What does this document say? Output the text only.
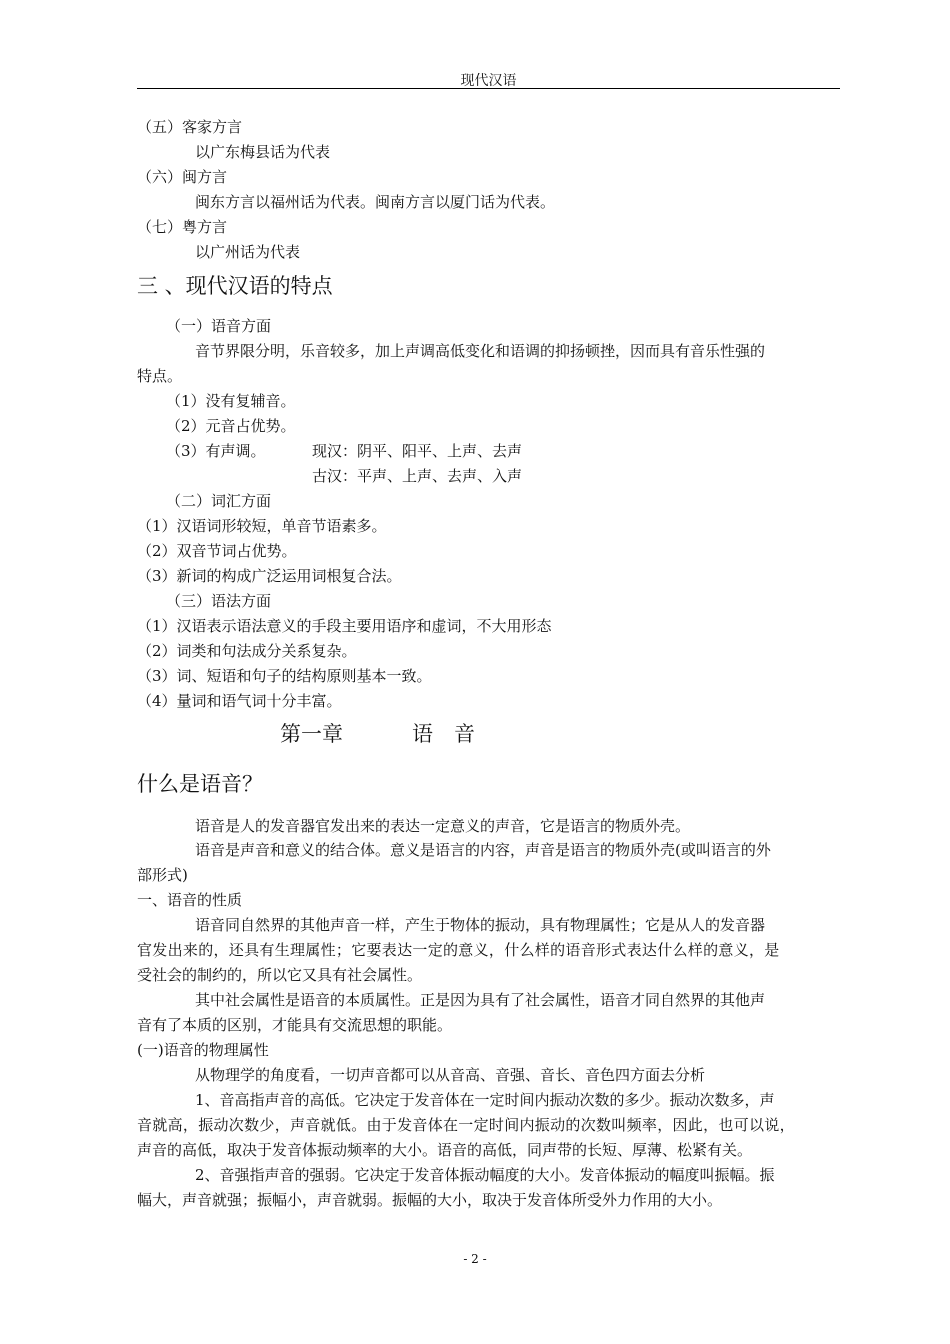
现代汉语
（五）客家方言
以广东梅县话为代表
（六）闽方言
闽东方言以福州话为代表。闽南方言以厦门话为代表。
（七）粤方言
以广州话为代表
三 、现代汉语的特点
（一）语音方面
音节界限分明，乐音较多，加上声调高低变化和语调的抑扬顿挫，因而具有音乐性强的
特点。
（1）没有复辅音。
（2）元音占优势。
（3）有声调。	现汉：阴平、阳平、上声、去声
古汉：平声、上声、去声、入声
（二）词汇方面
（1）汉语词形较短，单音节语素多。
（2）双音节词占优势。
（3）新词的构成广泛运用词根复合法。
（三）语法方面
（1）汉语表示语法意义的手段主要用语序和虚词，不大用形态
（2）词类和句法成分关系复杂。
（3）词、短语和句子的结构原则基本一致。
（4）量词和语气词十分丰富。
第一章	语　音
什么是语音？
语音是人的发音器官发出来的表达一定意义的声音，它是语言的物质外壳。
语音是声音和意义的结合体。意义是语言的内容，声音是语言的物质外壳(或叫语言的外
部形式)
一、语音的性质
语音同自然界的其他声音一样，产生于物体的振动，具有物理属性；它是从人的发音器
官发出来的，还具有生理属性；它要表达一定的意义，什么样的语音形式表达什么样的意义，是
受社会的制约的，所以它又具有社会属性。
其中社会属性是语音的本质属性。正是因为具有了社会属性，语音才同自然界的其他声
音有了本质的区别，才能具有交流思想的职能。
(一)语音的物理属性
从物理学的角度看，一切声音都可以从音高、音强、音长、音色四方面去分析
1、音高指声音的高低。它决定于发音体在一定时间内振动次数的多少。振动次数多，声
音就高，振动次数少，声音就低。由于发音体在一定时间内振动的次数叫频率，因此，也可以说，
声音的高低，取决于发音体振动频率的大小。语音的高低，同声带的长短、厚薄、松紧有关。
2、音强指声音的强弱。它决定于发音体振动幅度的大小。发音体振动的幅度叫振幅。振
幅大，声音就强；振幅小，声音就弱。振幅的大小，取决于发音体所受外力作用的大小。
- 2 -
